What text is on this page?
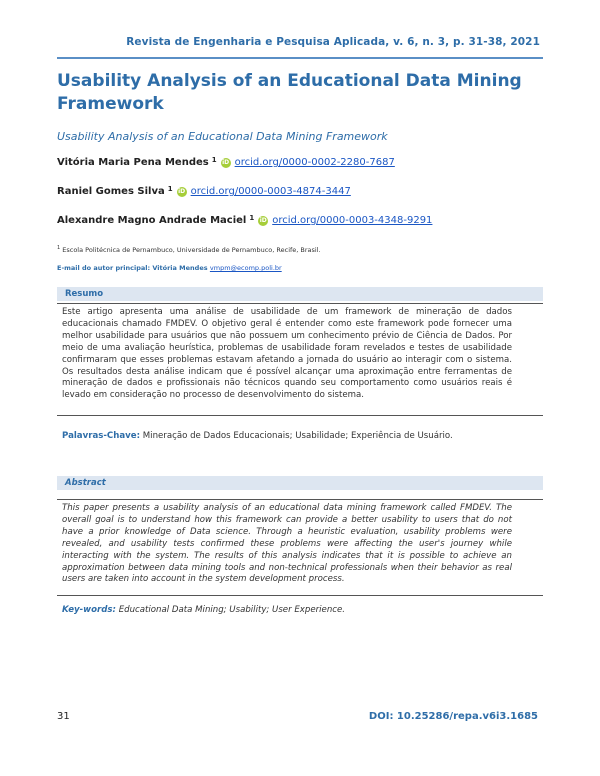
Revista de Engenharia e Pesquisa Aplicada, v. 6, n. 3, p. 31-38, 2021
Usability Analysis of an Educational Data Mining Framework
Usability Analysis of an Educational Data Mining Framework
Vitória Maria Pena Mendes $^1$ iD orcid.org/0000-0002-2280-7687
Raniel Gomes Silva $^1$ iD orcid.org/0000-0003-4874-3447
Alexandre Magno Andrade Maciel $^1$ iD orcid.org/0000-0003-4348-9291
$^1$ Escola Politécnica de Pernambuco, Universidade de Pernambuco, Recife, Brasil.
E-mail do autor principal: Vitória Mendes vmpm@ecomp.poli.br
Resumo
Este artigo apresenta uma análise de usabilidade de um framework de mineração de dados educacionais chamado FMDEV. O objetivo geral é entender como este framework pode fornecer uma melhor usabilidade para usuários que não possuem um conhecimento prévio de Ciência de Dados. Por meio de uma avaliação heurística, problemas de usabilidade foram revelados e testes de usabilidade confirmaram que esses problemas estavam afetando a jornada do usuário ao interagir com o sistema. Os resultados desta análise indicam que é possível alcançar uma aproximação entre ferramentas de mineração de dados e profissionais não técnicos quando seu comportamento como usuários reais é levado em consideração no processo de desenvolvimento do sistema.
Palavras-Chave: Mineração de Dados Educacionais; Usabilidade; Experiência de Usuário.
Abstract
This paper presents a usability analysis of an educational data mining framework called FMDEV. The overall goal is to understand how this framework can provide a better usability to users that do not have a prior knowledge of Data science. Through a heuristic evaluation, usability problems were revealed, and usability tests confirmed these problems were affecting the user's journey while interacting with the system. The results of this analysis indicates that it is possible to achieve an approximation between data mining tools and non-technical professionals when their behavior as real users are taken into account in the system development process.
Key-words: Educational Data Mining; Usability; User Experience.
31	DOI: 10.25286/repa.v6i3.1685
